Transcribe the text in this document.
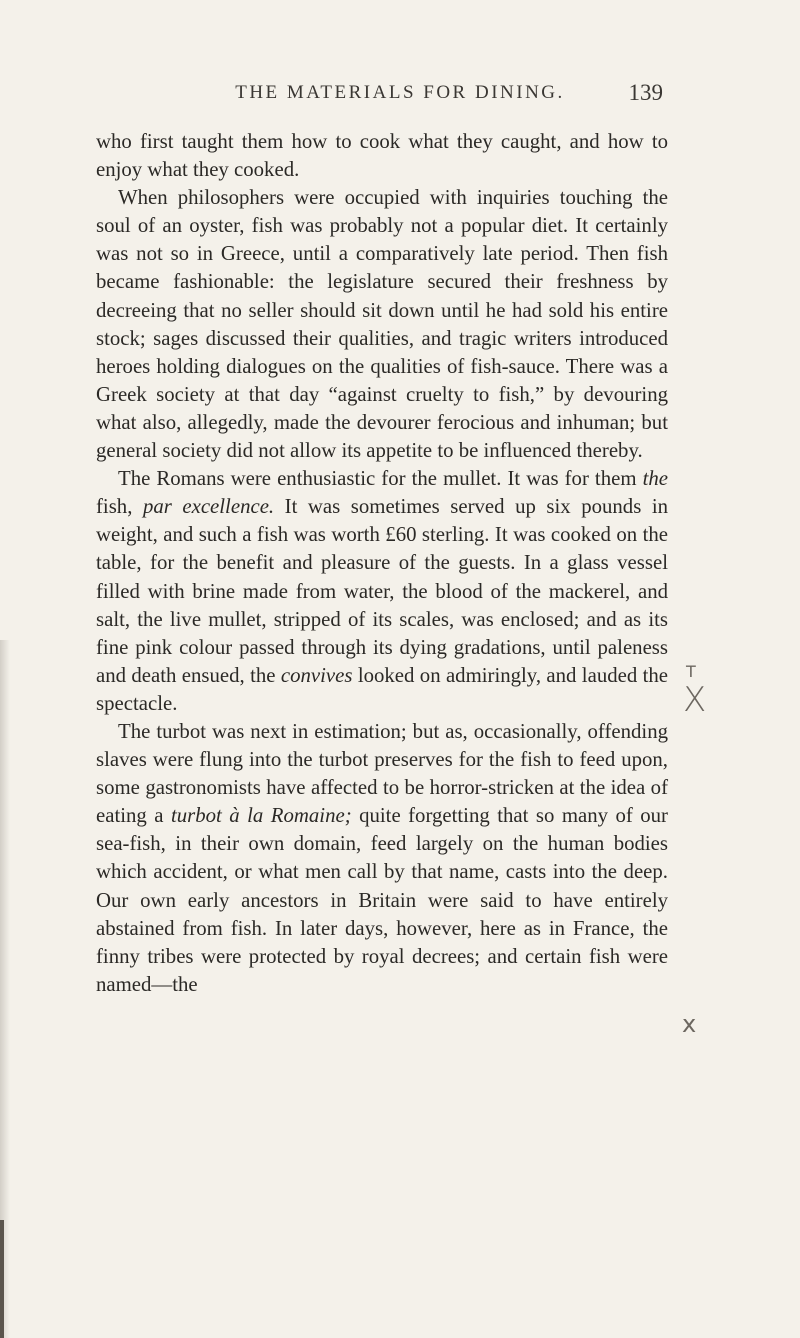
THE MATERIALS FOR DINING.	139

who first taught them how to cook what they caught, and how to enjoy what they cooked.

When philosophers were occupied with inquiries touching the soul of an oyster, fish was probably not a popular diet. It certainly was not so in Greece, until a comparatively late period. Then fish became fashionable: the legislature secured their freshness by decreeing that no seller should sit down until he had sold his entire stock; sages discussed their qualities, and tragic writers introduced heroes holding dialogues on the qualities of fish-sauce. There was a Greek society at that day “against cruelty to fish,” by devouring what also, allegedly, made the devourer ferocious and inhuman; but general society did not allow its appetite to be influenced thereby.

The Romans were enthusiastic for the mullet. It was for them the fish, par excellence. It was sometimes served up six pounds in weight, and such a fish was worth £60 sterling. It was cooked on the table, for the benefit and pleasure of the guests. In a glass vessel filled with brine made from water, the blood of the mackerel, and salt, the live mullet, stripped of its scales, was enclosed; and as its fine pink colour passed through its dying gradations, until paleness and death ensued, the convives looked on admiringly, and lauded the spectacle.

The turbot was next in estimation; but as, occasionally, offending slaves were flung into the turbot preserves for the fish to feed upon, some gastronomists have affected to be horror-stricken at the idea of eating a turbot à la Romaine; quite forgetting that so many of our sea-fish, in their own domain, feed largely on the human bodies which accident, or what men call by that name, casts into the deep. Our own early ancestors in Britain were said to have entirely abstained from fish. In later days, however, here as in France, the finny tribes were protected by royal decrees; and certain fish were named—the

T
X
ⅹ
